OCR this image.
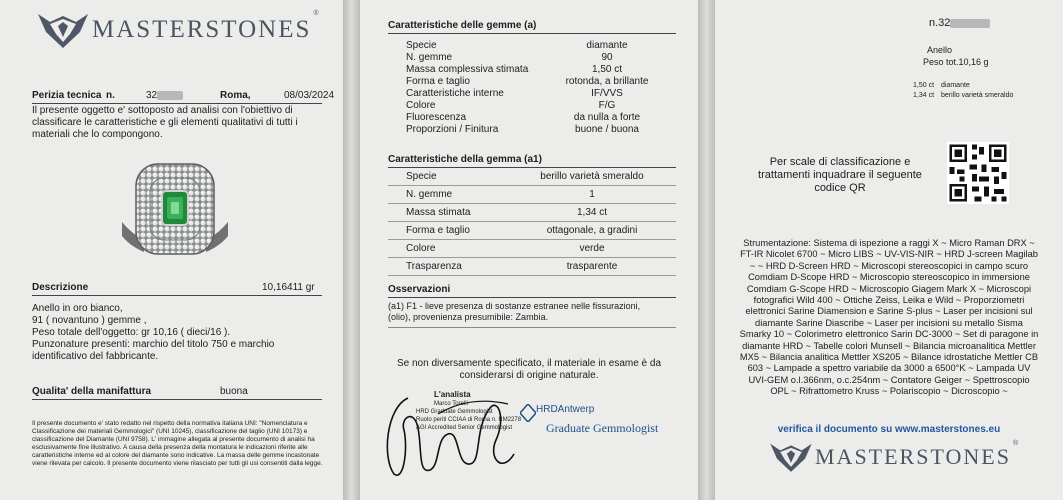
MASTERSTONES
®
Perizia tecnica n.	32	Roma,	08/03/2024
Il presente oggetto e' sottoposto ad analisi con l'obiettivo di classificare le caratteristiche e gli elementi qualitativi di tutti i materiali che lo compongono.
Descrizione	10,16411 gr
Anello in oro bianco,
91 ( novantuno ) gemme ,
Peso totale dell'oggetto: gr 10,16 ( dieci/16 ).
Punzonature presenti: marchio del titolo 750 e marchio
identificativo del fabbricante.
Qualita' della manifattura	buona
Il presente documento e' stato redatto nel rispetto della normativa italiana UNI: "Nomenclatura e Classificazione dei materiali Gemmologici" (UNI 10245), classificazione del taglio (UNI 10173) e classificazione del Diamante (UNI 9758). L' immagine allegata al presente documento di analisi ha esclusivamente fine illustrativo. A causa della presenza della montatura le indicazioni riferite alle caratteristiche interne ed al colore del diamante sono indicative. La massa delle gemme incastonate viene rilevata per calcolo. Il presente documento viene rilasciato per tutti gli usi consentiti dalla legge.
Caratteristiche delle gemme (a)
Specie	diamante
N. gemme	90
Massa complessiva stimata	1,50 ct
Forma e taglio	rotonda, a brillante
Caratteristiche interne	IF/VVS
Colore	F/G
Fluorescenza	da nulla a forte
Proporzioni / Finitura	buone / buona
Caratteristiche della gemma (a1)
Specie	berillo varietà smeraldo
N. gemme	1
Massa stimata	1,34 ct
Forma e taglio	ottagonale, a gradini
Colore	verde
Trasparenza	trasparente
Osservazioni
(a1) F1 - lieve presenza di sostanze estranee nelle fissurazioni,
(olio), provenienza presumibile: Zambia.
Se non diversamente specificato, il materiale in esame è da
considerarsi di origine naturale.
L'analista
Marco Torelli
HRD Graduate Gemmologist
Ruolo periti CCIAA di Roma n. RM2278
AGI Accredited Senior Gemmologist
HRDAntwerp
Graduate Gemmologist
n.32
Anello
Peso tot.10,16 g
1,50 ct diamante
1,34 ct berillo varietà smeraldo
Per scale di classificazione e
trattamenti inquadrare il seguente
codice QR
Strumentazione: Sistema di ispezione a raggi X ~ Micro Raman DRX ~ FT-IR Nicolet 6700 ~ Micro LIBS ~ UV-VIS-NIR ~ HRD J-screen Magilab ~ ~ HRD D-Screen HRD ~ Microscopi stereoscopici in campo scuro Comdiam D-Scope HRD ~ Microscopio stereoscopico in immersione Comdiam G-Scope HRD ~ Microscopio Giagem Mark X ~ Microscopi fotografici Wild 400 ~ Ottiche Zeiss, Leika e Wild ~ Proporziometri elettronici Sarine Diamension e Sarine S-plus ~ Laser per incisioni sul diamante Sarine Diascribe ~ Laser per incisioni su metallo Sisma Smarky 10 ~ Colorimetro elettronico Sarin DC-3000 ~ Set di paragone in diamante HRD ~ Tabelle colori Munsell ~ Bilancia microanalitica Mettler MX5 ~ Bilancia analitica Mettler XS205 ~ Bilance idrostatiche Mettler CB 603 ~ Lampade a spettro variabile da 3000 a 6500°K ~ Lampada UV UVI-GEM o.l.366nm, o.c.254nm ~ Contatore Geiger ~ Spettroscopio OPL ~ Rifrattometro Kruss ~ Polariscopio ~ Dicroscopio ~
verifica il documento su www.masterstones.eu
MASTERSTONES
®
